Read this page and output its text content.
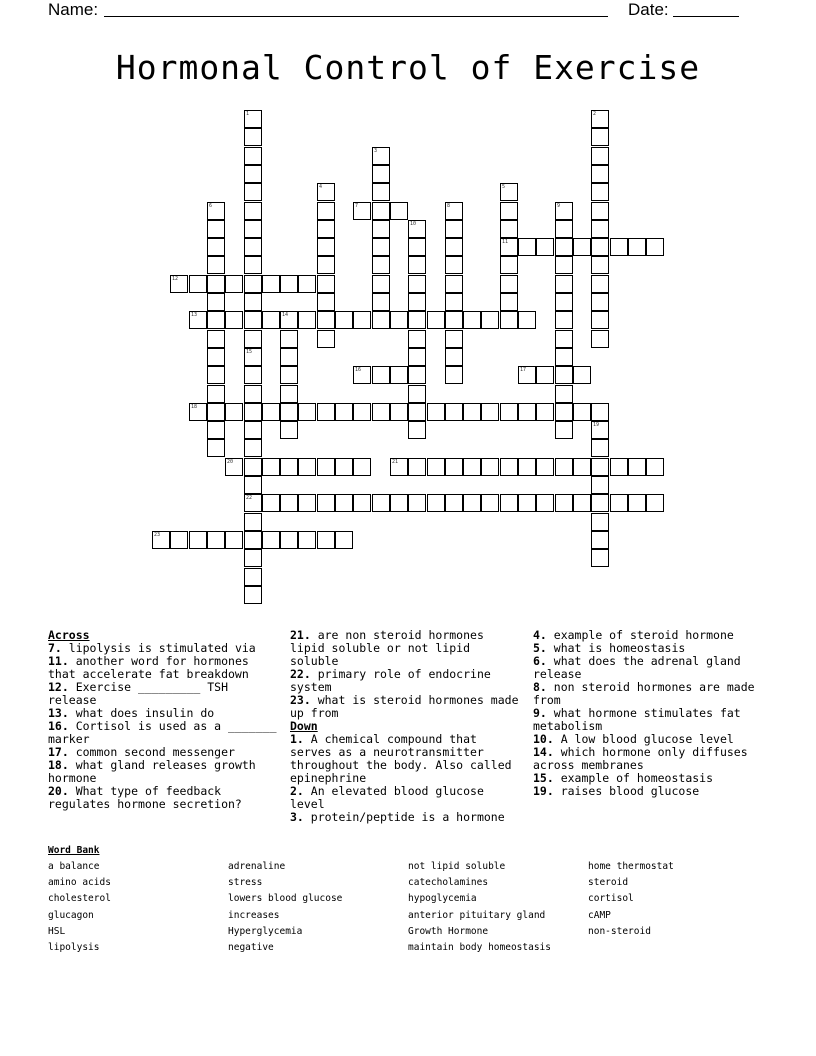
Name:	Date:
Hormonal Control of Exercise
7
11
12
13	14
16	17
18
20	21
22
23
1
15
2
3
4	5
6	8	9
10
19
Across
7. lipolysis is stimulated via
11. another word for hormones that accelerate fat breakdown
12. Exercise _________ TSH release
13. what does insulin do
16. Cortisol is used as a _______ marker
17. common second messenger
18. what gland releases growth hormone
20. What type of feedback regulates hormone secretion?
21. are non steroid hormones lipid soluble or not lipid soluble
22. primary role of endocrine system
23. what is steroid hormones made up from
Down
1. A chemical compound that serves as a neurotransmitter throughout the body. Also called epinephrine
2. An elevated blood glucose level
3. protein/peptide is a hormone
4. example of steroid hormone
5. what is homeostasis
6. what does the adrenal gland release
8. non steroid hormones are made from
9. what hormone stimulates fat metabolism
10. A low blood glucose level
14. which hormone only diffuses across membranes
15. example of homeostasis
19. raises blood glucose
Word Bank
a balance	adrenaline	not lipid soluble	home thermostat
amino acids	stress	catecholamines	steroid
cholesterol	lowers blood glucose	hypoglycemia	cortisol
glucagon	increases	anterior pituitary gland	cAMP
HSL	Hyperglycemia	Growth Hormone	non-steroid
lipolysis	negative	maintain body homeostasis
